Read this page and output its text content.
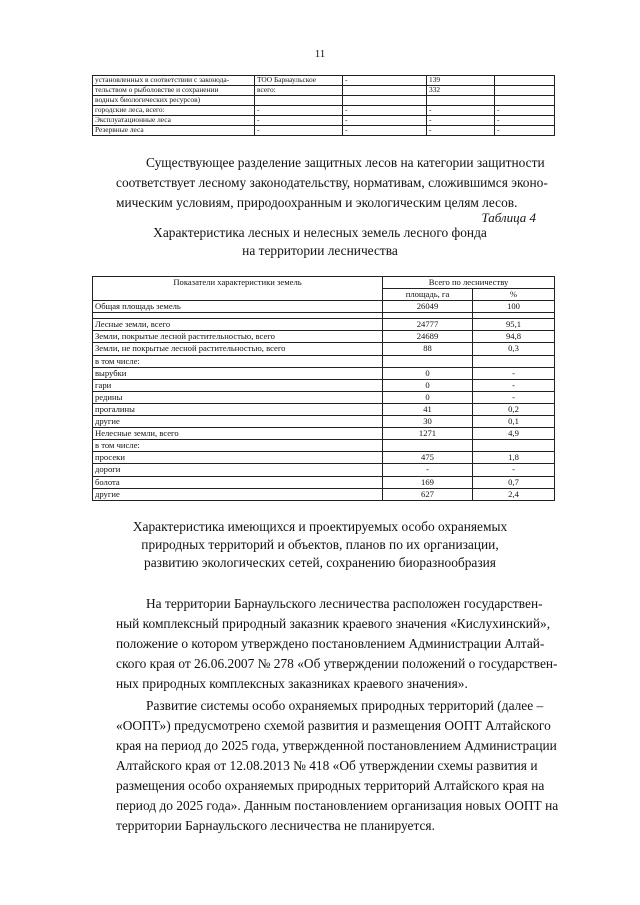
11
установленных в соответствии с законода-	ТОО Барнаульское	-	139	
тельством о рыболовстве и сохранении	всего:		332	
водных биологических ресурсов)				
городские леса, всего:	-	-	-	-
Эксплуатационные леса	-	-	-	-
Резервные леса	-	-	-	-
Существующее разделение защитных лесов на категории защитности
соответствует лесному законодательству, нормативам, сложившимся эконо-
мическим условиям, природоохранным и экологическим целям лесов.
Таблица 4
Характеристика лесных и нелесных земель лесного фонда
на территории лесничества
Показатели характеристики земель	Всего по лесничеству	
	площадь, га	%
Общая площадь земель	26049	100

Лесные земли, всего	24777	95,1
Земли, покрытые лесной растительностью, всего	24689	94,8
Земли, не покрытые лесной растительностью, всего	88	0,3
в том числе:		
вырубки	0	-
гари	0	-
редины	0	-
прогалины	41	0,2
другие	30	0,1
Нелесные земли, всего	1271	4,9
в том числе:		
просеки	475	1,8
дороги	-	-
болота	169	0,7
другие	627	2,4
Характеристика имеющихся и проектируемых особо охраняемых
природных территорий и объектов, планов по их организации,
развитию экологических сетей, сохранению биоразнообразия
На территории Барнаульского лесничества расположен государствен-
ный комплексный природный заказник краевого значения «Кислухинский»,
положение о котором утверждено постановлением Администрации Алтай-
ского края от 26.06.2007 № 278 «Об утверждении положений о государствен-
ных природных комплексных заказниках краевого значения».
Развитие системы особо охраняемых природных территорий (далее –
«ООПТ») предусмотрено схемой развития и размещения ООПТ Алтайского
края на период до 2025 года, утвержденной постановлением Администрации
Алтайского края от 12.08.2013 № 418 «Об утверждении схемы развития и
размещения особо охраняемых природных территорий Алтайского края на
период до 2025 года». Данным постановлением организация новых ООПТ на
территории Барнаульского лесничества не планируется.
